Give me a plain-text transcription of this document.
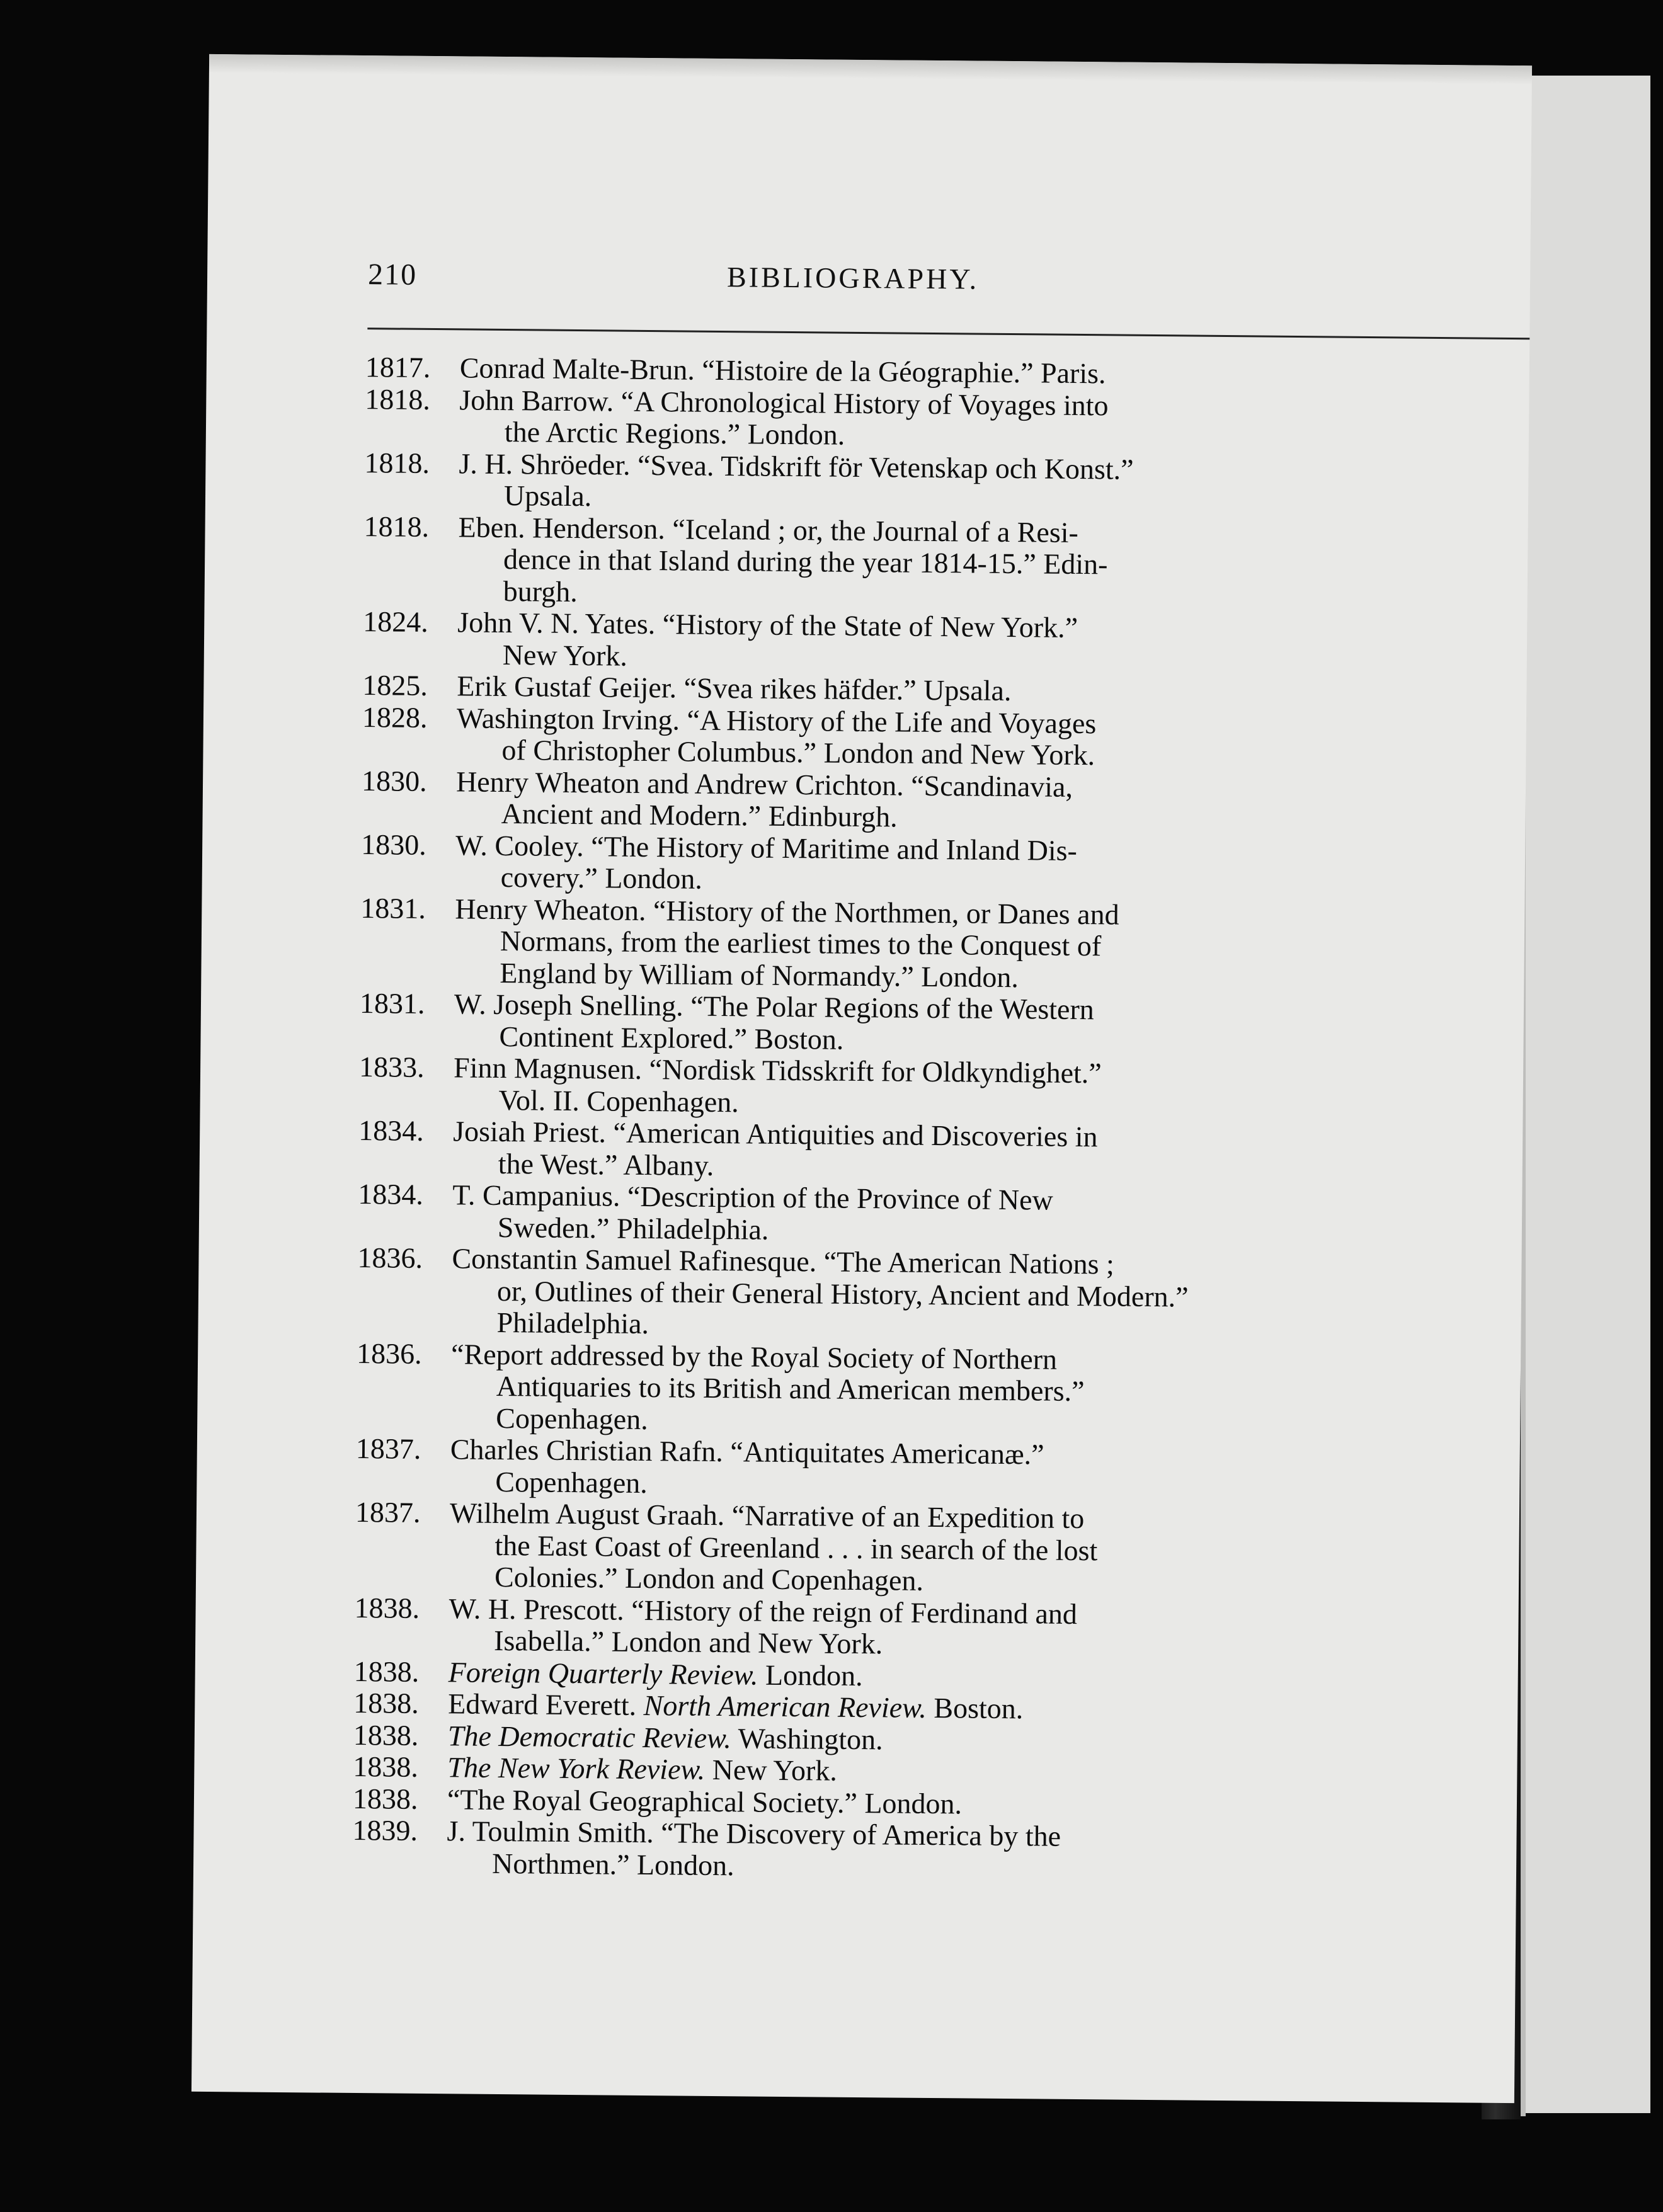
210	BIBLIOGRAPHY.
1817.	Conrad Malte-Brun. “Histoire de la Géographie.” Paris.
1818.	John Barrow. “A Chronological History of Voyages into
the Arctic Regions.” London.
1818.	J. H. Shröeder. “Svea. Tidskrift för Vetenskap och Konst.”
Upsala.
1818.	Eben. Henderson. “Iceland ; or, the Journal of a Resi-
dence in that Island during the year 1814-15.” Edin-
burgh.
1824.	John V. N. Yates. “History of the State of New York.”
New York.
1825.	Erik Gustaf Geijer. “Svea rikes häfder.” Upsala.
1828.	Washington Irving. “A History of the Life and Voyages
of Christopher Columbus.” London and New York.
1830.	Henry Wheaton and Andrew Crichton. “Scandinavia,
Ancient and Modern.” Edinburgh.
1830.	W. Cooley. “The History of Maritime and Inland Dis-
covery.” London.
1831.	Henry Wheaton. “History of the Northmen, or Danes and
Normans, from the earliest times to the Conquest of
England by William of Normandy.” London.
1831.	W. Joseph Snelling. “The Polar Regions of the Western
Continent Explored.” Boston.
1833.	Finn Magnusen. “Nordisk Tidsskrift for Oldkyndighet.”
Vol. II. Copenhagen.
1834.	Josiah Priest. “American Antiquities and Discoveries in
the West.” Albany.
1834.	T. Campanius. “Description of the Province of New
Sweden.” Philadelphia.
1836.	Constantin Samuel Rafinesque. “The American Nations ;
or, Outlines of their General History, Ancient and Modern.”
Philadelphia.
1836.	“Report addressed by the Royal Society of Northern
Antiquaries to its British and American members.”
Copenhagen.
1837.	Charles Christian Rafn. “Antiquitates Americanæ.”
Copenhagen.
1837.	Wilhelm August Graah. “Narrative of an Expedition to
the East Coast of Greenland . . . in search of the lost
Colonies.” London and Copenhagen.
1838.	W. H. Prescott. “History of the reign of Ferdinand and
Isabella.” London and New York.
1838.	Foreign Quarterly Review. London.
1838.	Edward Everett. North American Review. Boston.
1838.	The Democratic Review. Washington.
1838.	The New York Review. New York.
1838.	“The Royal Geographical Society.” London.
1839.	J. Toulmin Smith. “The Discovery of America by the
Northmen.” London.
